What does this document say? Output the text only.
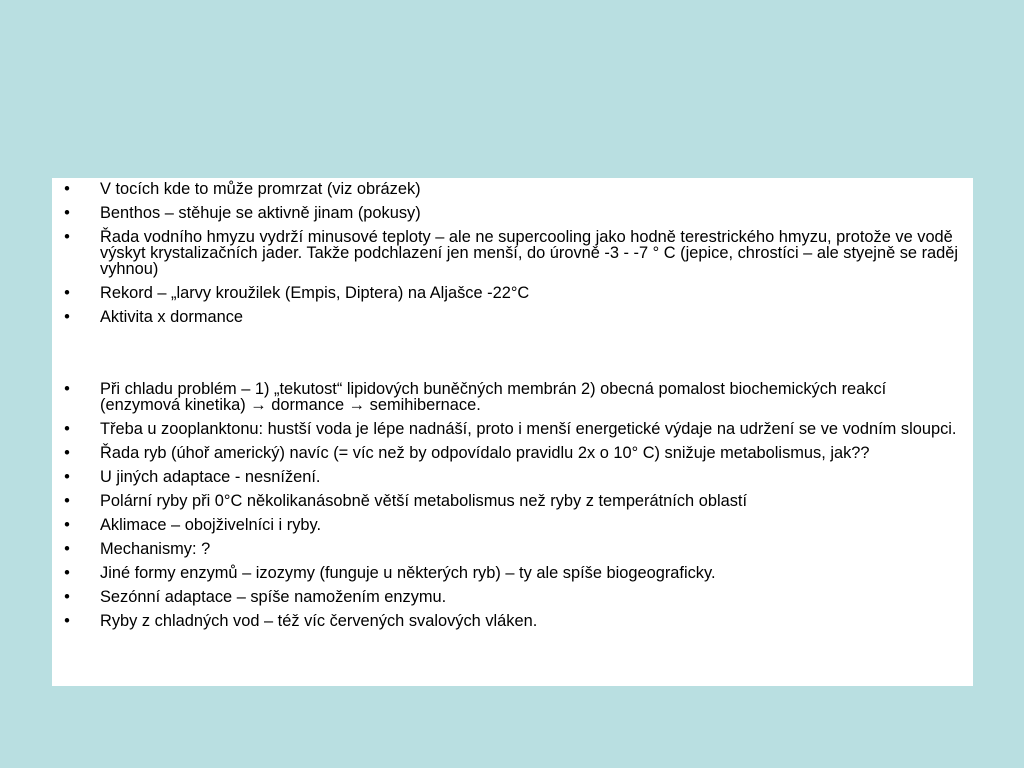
• V tocích kde to může promrzat (viz obrázek)
• Benthos – stěhuje se aktivně jinam (pokusy)
• Řada vodního hmyzu vydrží minusové teploty – ale ne supercooling jako hodně terestrického hmyzu, protože ve vodě výskyt krystalizačních jader. Takže podchlazení jen menší, do úrovně -3 - -7 ° C (jepice, chrostíci – ale styejně se raděj vyhnou)
• Rekord – „larvy kroužilek (Empis, Diptera) na Aljašce -22°C
• Aktivita x dormance
• Při chladu problém – 1) „tekutost“ lipidových buněčných membrán 2) obecná pomalost biochemických reakcí (enzymová kinetika) → dormance → semihibernace.
• Třeba u zooplanktonu: hustší voda je lépe nadnáší, proto i menší energetické výdaje na udržení se ve vodním sloupci.
• Řada ryb (úhoř americký) navíc (= víc než by odpovídalo pravidlu 2x o 10° C) snižuje metabolismus, jak??
• U jiných adaptace - nesnížení.
• Polární ryby při 0°C několikanásobně větší metabolismus než ryby z temperátních oblastí
• Aklimace – obojživelníci i ryby.
• Mechanismy: ?
• Jiné formy enzymů – izozymy (funguje u některých ryb) – ty ale spíše biogeograficky.
• Sezónní adaptace – spíše namožením enzymu.
• Ryby z chladných vod – též víc červených svalových vláken.
